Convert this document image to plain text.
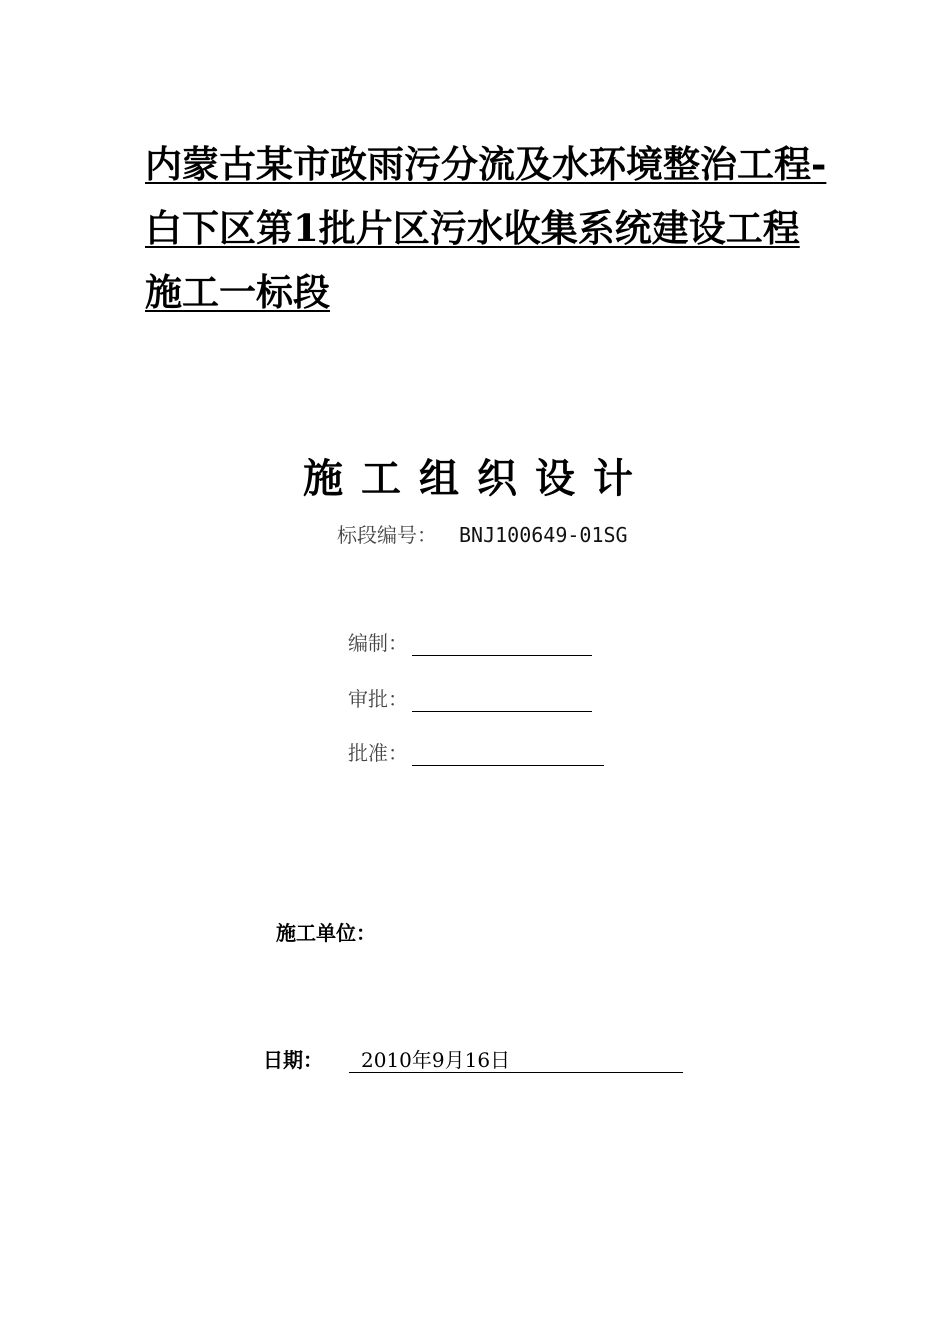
内蒙古某市政雨污分流及水环境整治工程-
白下区第1批片区污水收集系统建设工程
施工一标段
施工组织设计
标段编号： BNJ100649-01SG
编制：
审批：
批准：
施工单位：
日期：	2010年9月16日
